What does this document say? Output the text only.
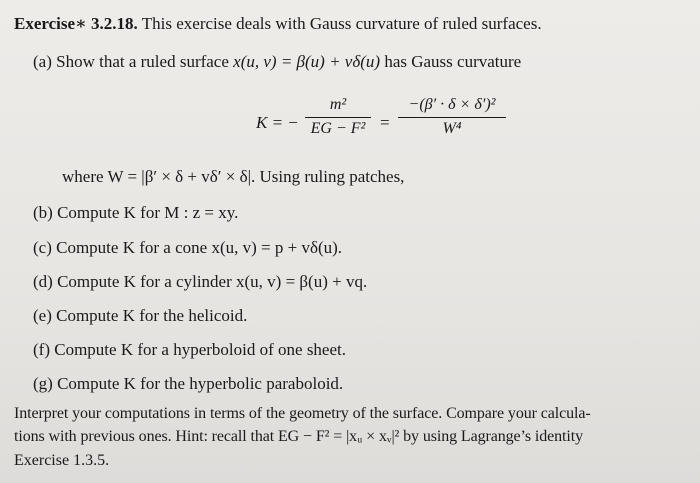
Exercise∗ 3.2.18. This exercise deals with Gauss curvature of ruled surfaces.
(a) Show that a ruled surface x(u, v) = β(u) + vδ(u) has Gauss curvature
K = −
m²
EG − F² =
−(β′ · δ × δ′)²
W⁴
where W = |β′ × δ + vδ′ × δ|. Using ruling patches,
(b) Compute K for M : z = xy.
(c) Compute K for a cone x(u, v) = p + vδ(u).
(d) Compute K for a cylinder x(u, v) = β(u) + vq.
(e) Compute K for the helicoid.
(f) Compute K for a hyperboloid of one sheet.
(g) Compute K for the hyperbolic paraboloid.
Interpret your computations in terms of the geometry of the surface. Compare your calcula-
tions with previous ones. Hint: recall that EG − F² = |xᵤ × xᵥ|² by using Lagrange’s identity
Exercise 1.3.5.
